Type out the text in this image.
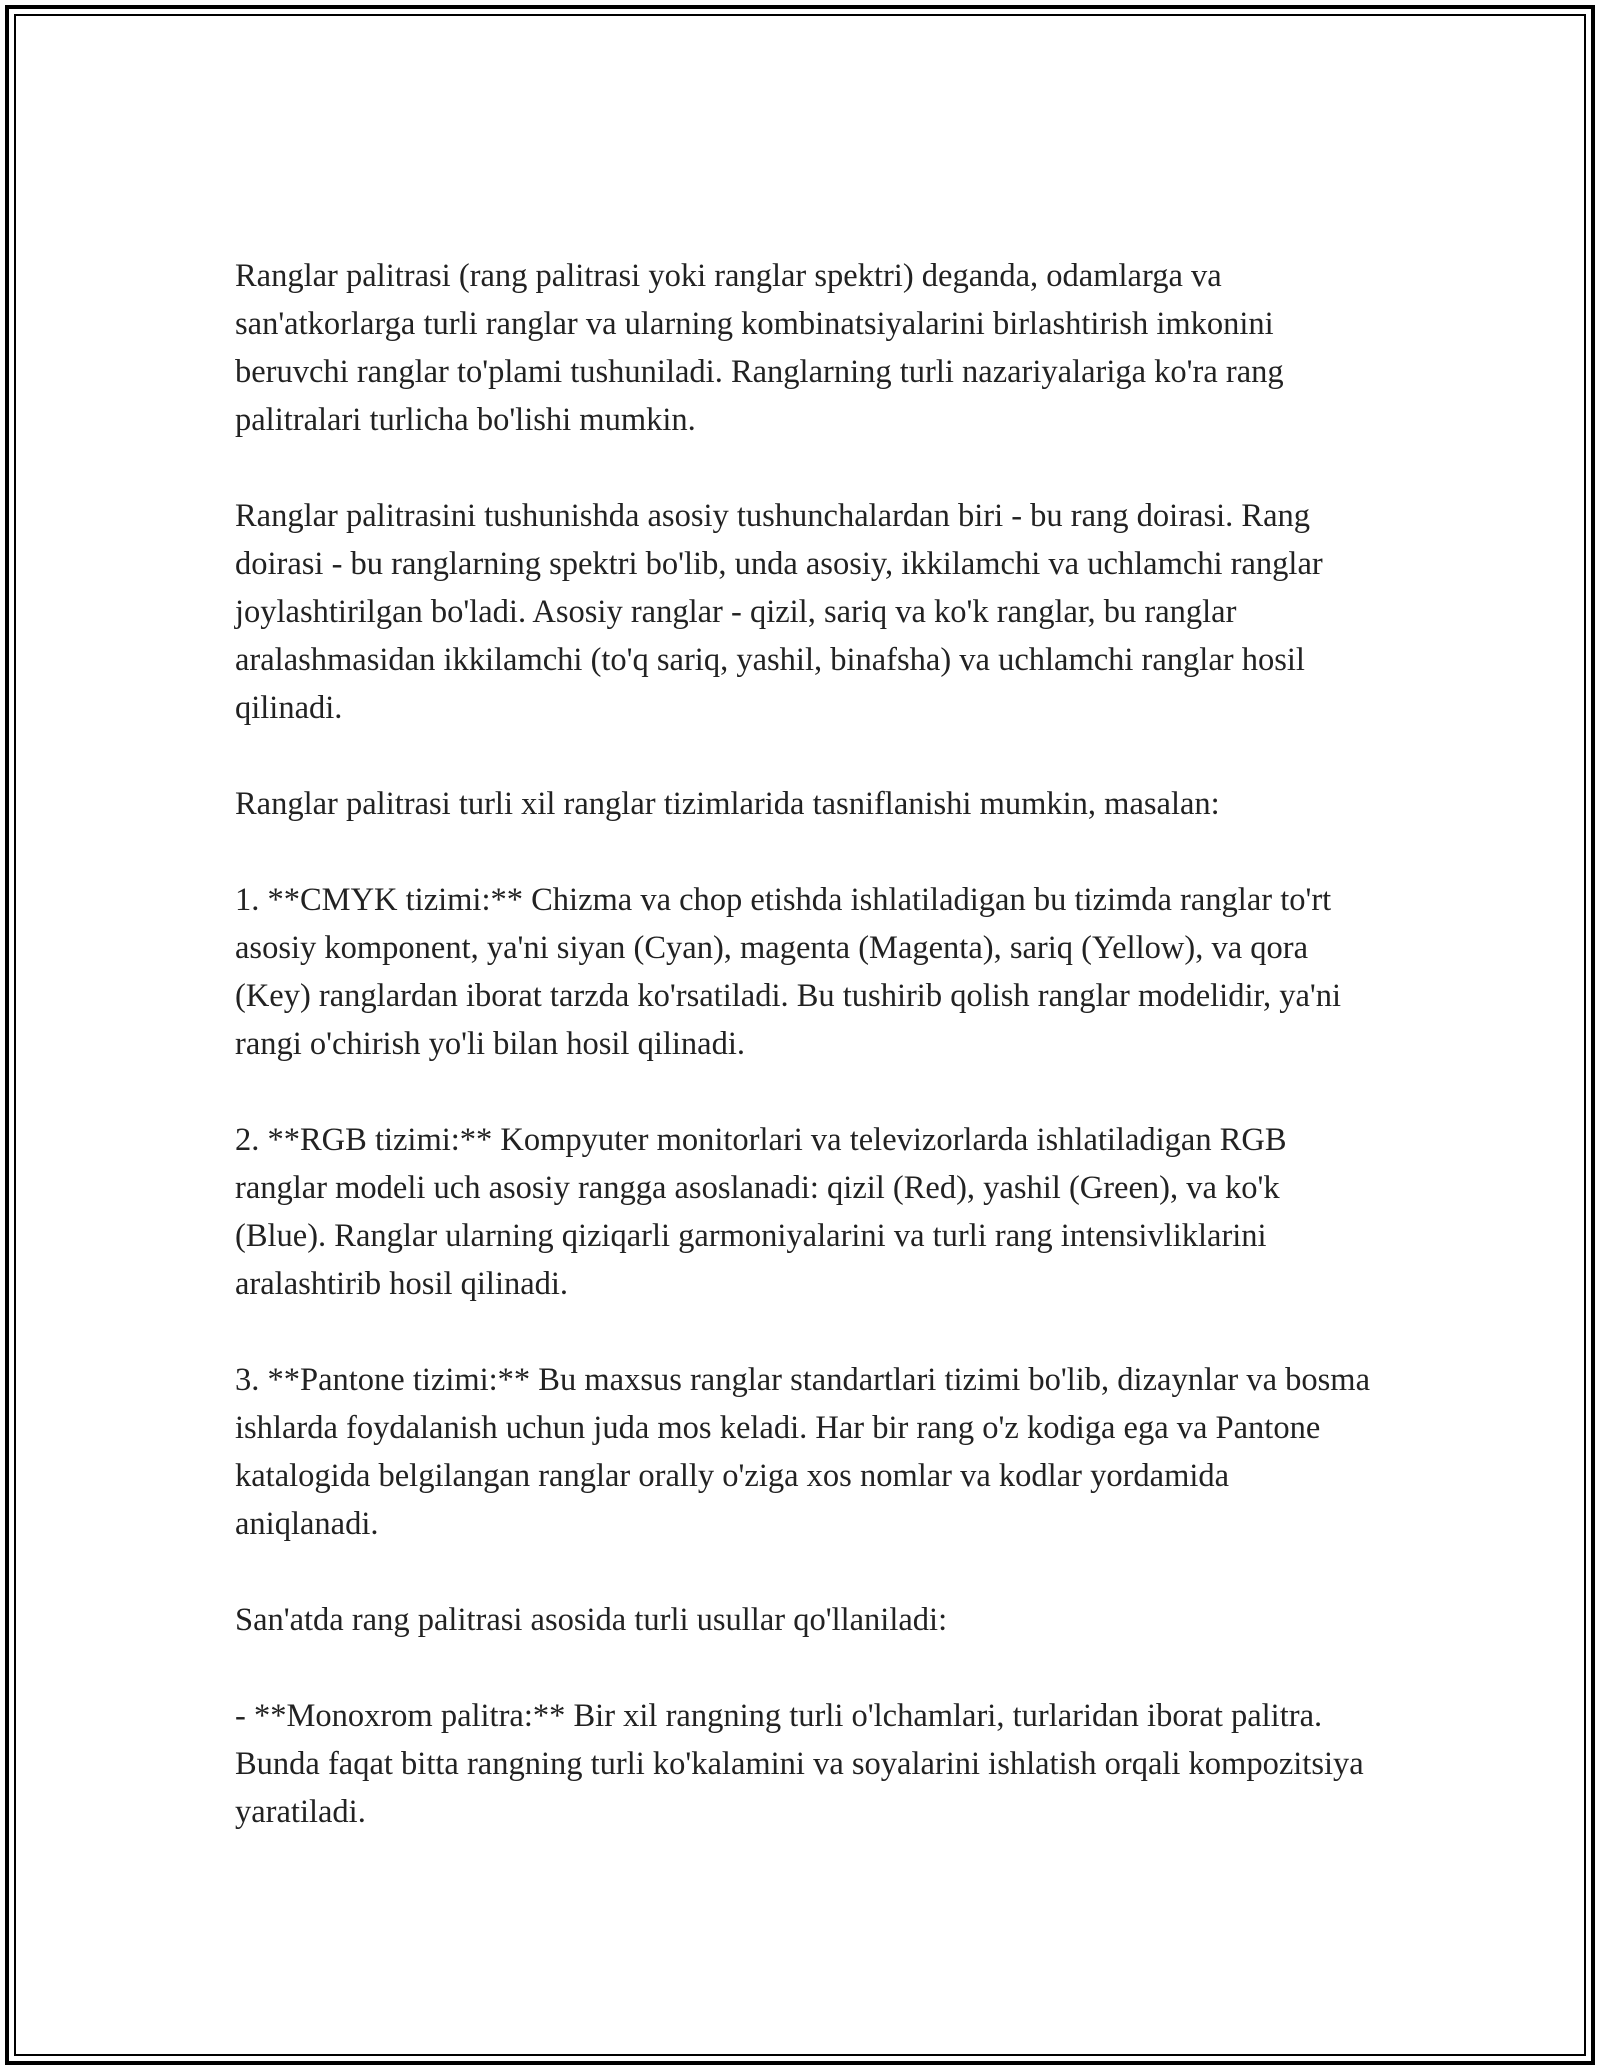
Ranglar palitrasi (rang palitrasi yoki ranglar spektri) deganda, odamlarga va san'atkorlarga turli ranglar va ularning kombinatsiyalarini birlashtirish imkonini beruvchi ranglar to'plami tushuniladi. Ranglarning turli nazariyalariga ko'ra rang palitralari turlicha bo'lishi mumkin.

Ranglar palitrasini tushunishda asosiy tushunchalardan biri - bu rang doirasi. Rang doirasi - bu ranglarning spektri bo'lib, unda asosiy, ikkilamchi va uchlamchi ranglar joylashtirilgan bo'ladi. Asosiy ranglar - qizil, sariq va ko'k ranglar, bu ranglar aralashmasidan ikkilamchi (to'q sariq, yashil, binafsha) va uchlamchi ranglar hosil qilinadi.

Ranglar palitrasi turli xil ranglar tizimlarida tasniflanishi mumkin, masalan:

1. **CMYK tizimi:** Chizma va chop etishda ishlatiladigan bu tizimda ranglar to'rt asosiy komponent, ya'ni siyan (Cyan), magenta (Magenta), sariq (Yellow), va qora (Key) ranglardan iborat tarzda ko'rsatiladi. Bu tushirib qolish ranglar modelidir, ya'ni rangi o'chirish yo'li bilan hosil qilinadi.

2. **RGB tizimi:** Kompyuter monitorlari va televizorlarda ishlatiladigan RGB ranglar modeli uch asosiy rangga asoslanadi: qizil (Red), yashil (Green), va ko'k (Blue). Ranglar ularning qiziqarli garmoniyalarini va turli rang intensivliklarini aralashtirib hosil qilinadi.

3. **Pantone tizimi:** Bu maxsus ranglar standartlari tizimi bo'lib, dizaynlar va bosma ishlarda foydalanish uchun juda mos keladi. Har bir rang o'z kodiga ega va Pantone katalogida belgilangan ranglar orally o'ziga xos nomlar va kodlar yordamida aniqlanadi.

San'atda rang palitrasi asosida turli usullar qo'llaniladi:

- **Monoxrom palitra:** Bir xil rangning turli o'lchamlari, turlaridan iborat palitra. Bunda faqat bitta rangning turli ko'kalamini va soyalarini ishlatish orqali kompozitsiya yaratiladi.
